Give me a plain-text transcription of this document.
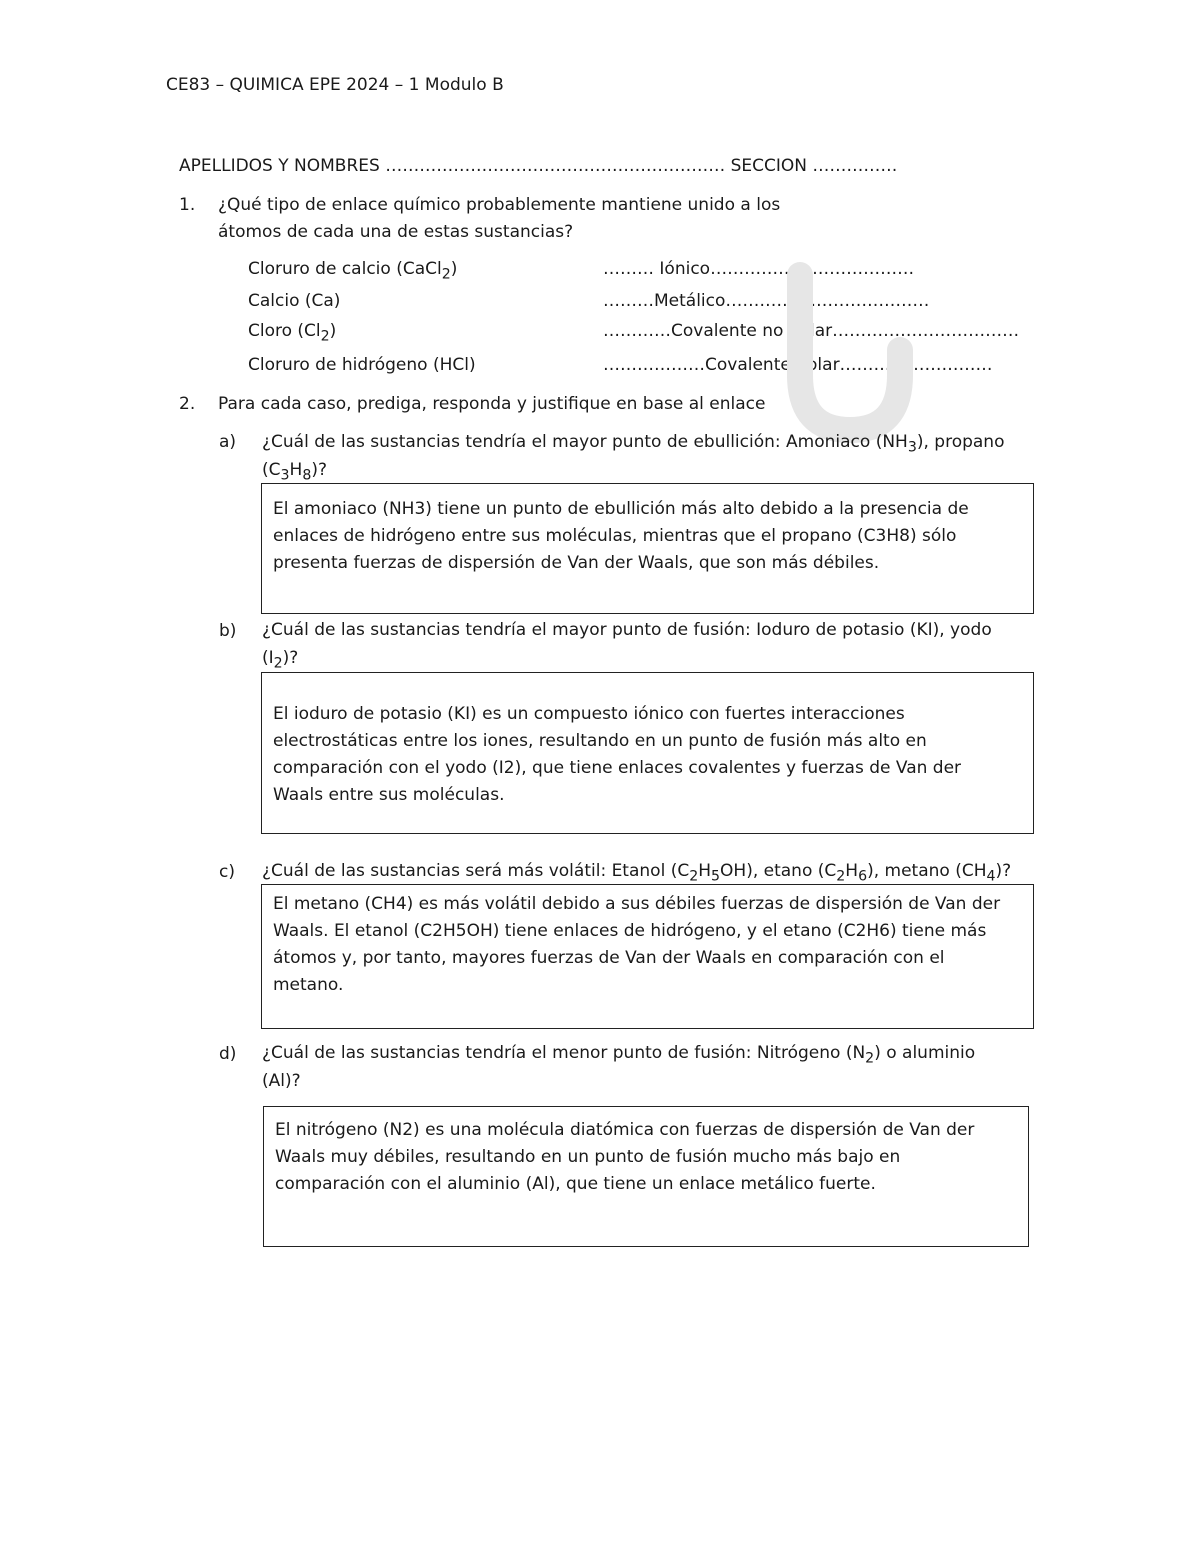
CE83 – QUIMICA EPE 2024 – 1 Modulo B
APELLIDOS Y NOMBRES …………………………………………………… SECCION ……………
1. ¿Qué tipo de enlace químico probablemente mantiene unido a los
átomos de cada una de estas sustancias?
Cloruro de calcio (CaCl$_2$)	……… Iónico………………………………
Calcio (Ca)	………Metálico………………………………
Cloro $(Cl_2)$	…………Covalente no polar……………………………
Cloruro de hidrógeno (HCl)	………………Covalente polar………………………
2. Para cada caso, prediga, responda y justifique en base al enlace
a) ¿Cuál de las sustancias tendría el mayor punto de ebullición: Amoniaco $(NH_3)$, propano
$(C_3H_8)$?
El amoniaco (NH3) tiene un punto de ebullición más alto debido a la presencia de
enlaces de hidrógeno entre sus moléculas, mientras que el propano (C3H8) sólo
presenta fuerzas de dispersión de Van der Waals, que son más débiles.
b) ¿Cuál de las sustancias tendría el mayor punto de fusión: Ioduro de potasio (KI), yodo
$(I_2)$?
El ioduro de potasio (KI) es un compuesto iónico con fuertes interacciones
electrostáticas entre los iones, resultando en un punto de fusión más alto en
comparación con el yodo (I2), que tiene enlaces covalentes y fuerzas de Van der
Waals entre sus moléculas.
c) ¿Cuál de las sustancias será más volátil: Etanol $(C_2H_5OH)$, etano $(C_2H_6)$, metano $(CH_4)$?
El metano (CH4) es más volátil debido a sus débiles fuerzas de dispersión de Van der
Waals. El etanol (C2H5OH) tiene enlaces de hidrógeno, y el etano (C2H6) tiene más
átomos y, por tanto, mayores fuerzas de Van der Waals en comparación con el
metano.
d) ¿Cuál de las sustancias tendría el menor punto de fusión: Nitrógeno $(N_2)$ o aluminio
(Al)?
El nitrógeno (N2) es una molécula diatómica con fuerzas de dispersión de Van der
Waals muy débiles, resultando en un punto de fusión mucho más bajo en
comparación con el aluminio (Al), que tiene un enlace metálico fuerte.
